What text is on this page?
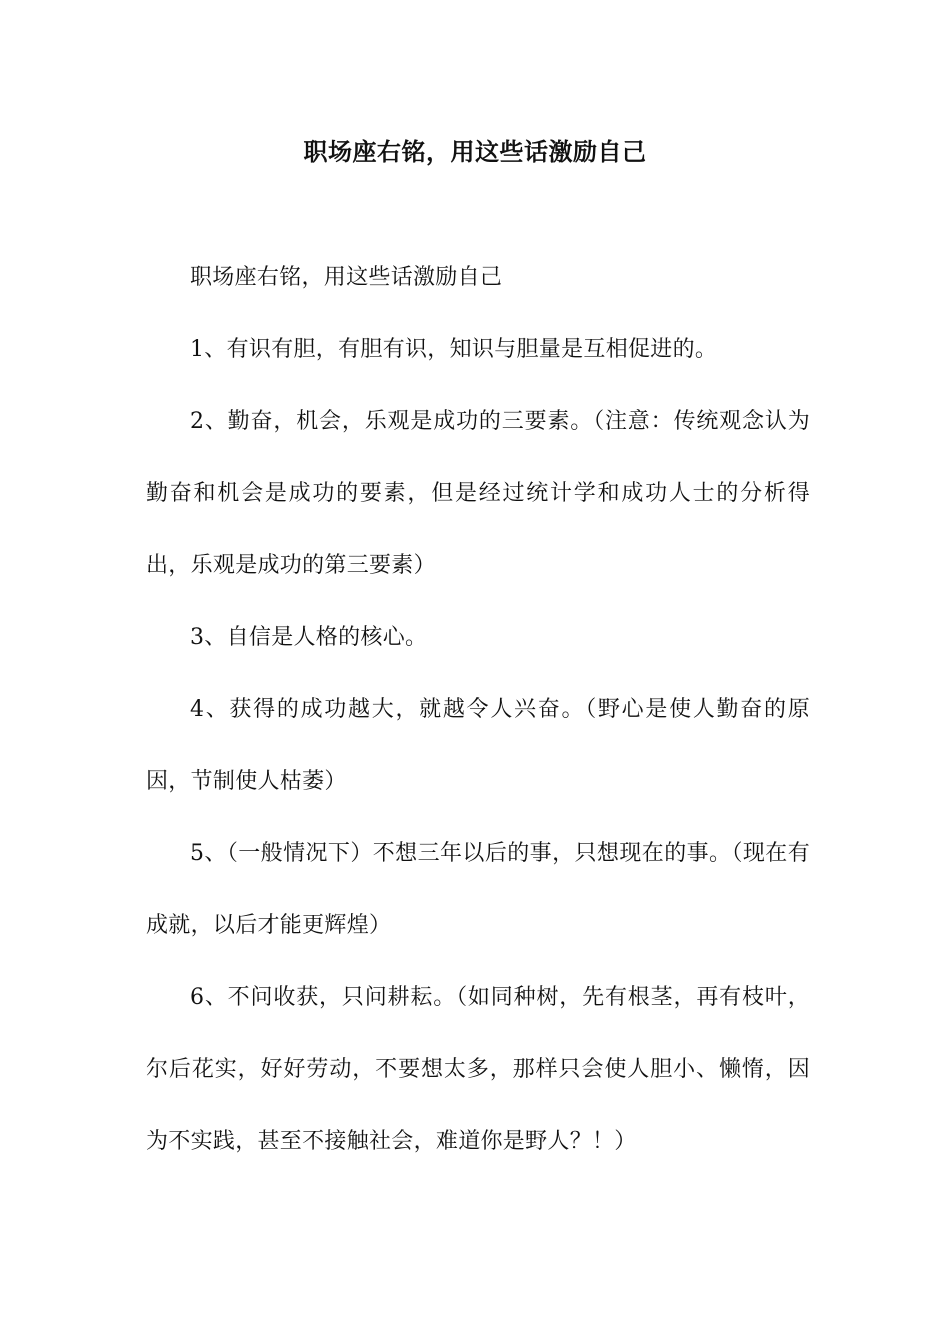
职场座右铭，用这些话激励自己

职场座右铭，用这些话激励自己

1、有识有胆，有胆有识，知识与胆量是互相促进的。

2、勤奋，机会，乐观是成功的三要素。（注意：传统观念认为勤奋和机会是成功的要素，但是经过统计学和成功人士的分析得出，乐观是成功的第三要素）

3、自信是人格的核心。

4、获得的成功越大，就越令人兴奋。（野心是使人勤奋的原因，节制使人枯萎）

5、（一般情况下）不想三年以后的事，只想现在的事。（现在有成就，以后才能更辉煌）

6、不问收获，只问耕耘。（如同种树，先有根茎，再有枝叶，尔后花实，好好劳动，不要想太多，那样只会使人胆小、懒惰，因为不实践，甚至不接触社会，难道你是野人？！）
